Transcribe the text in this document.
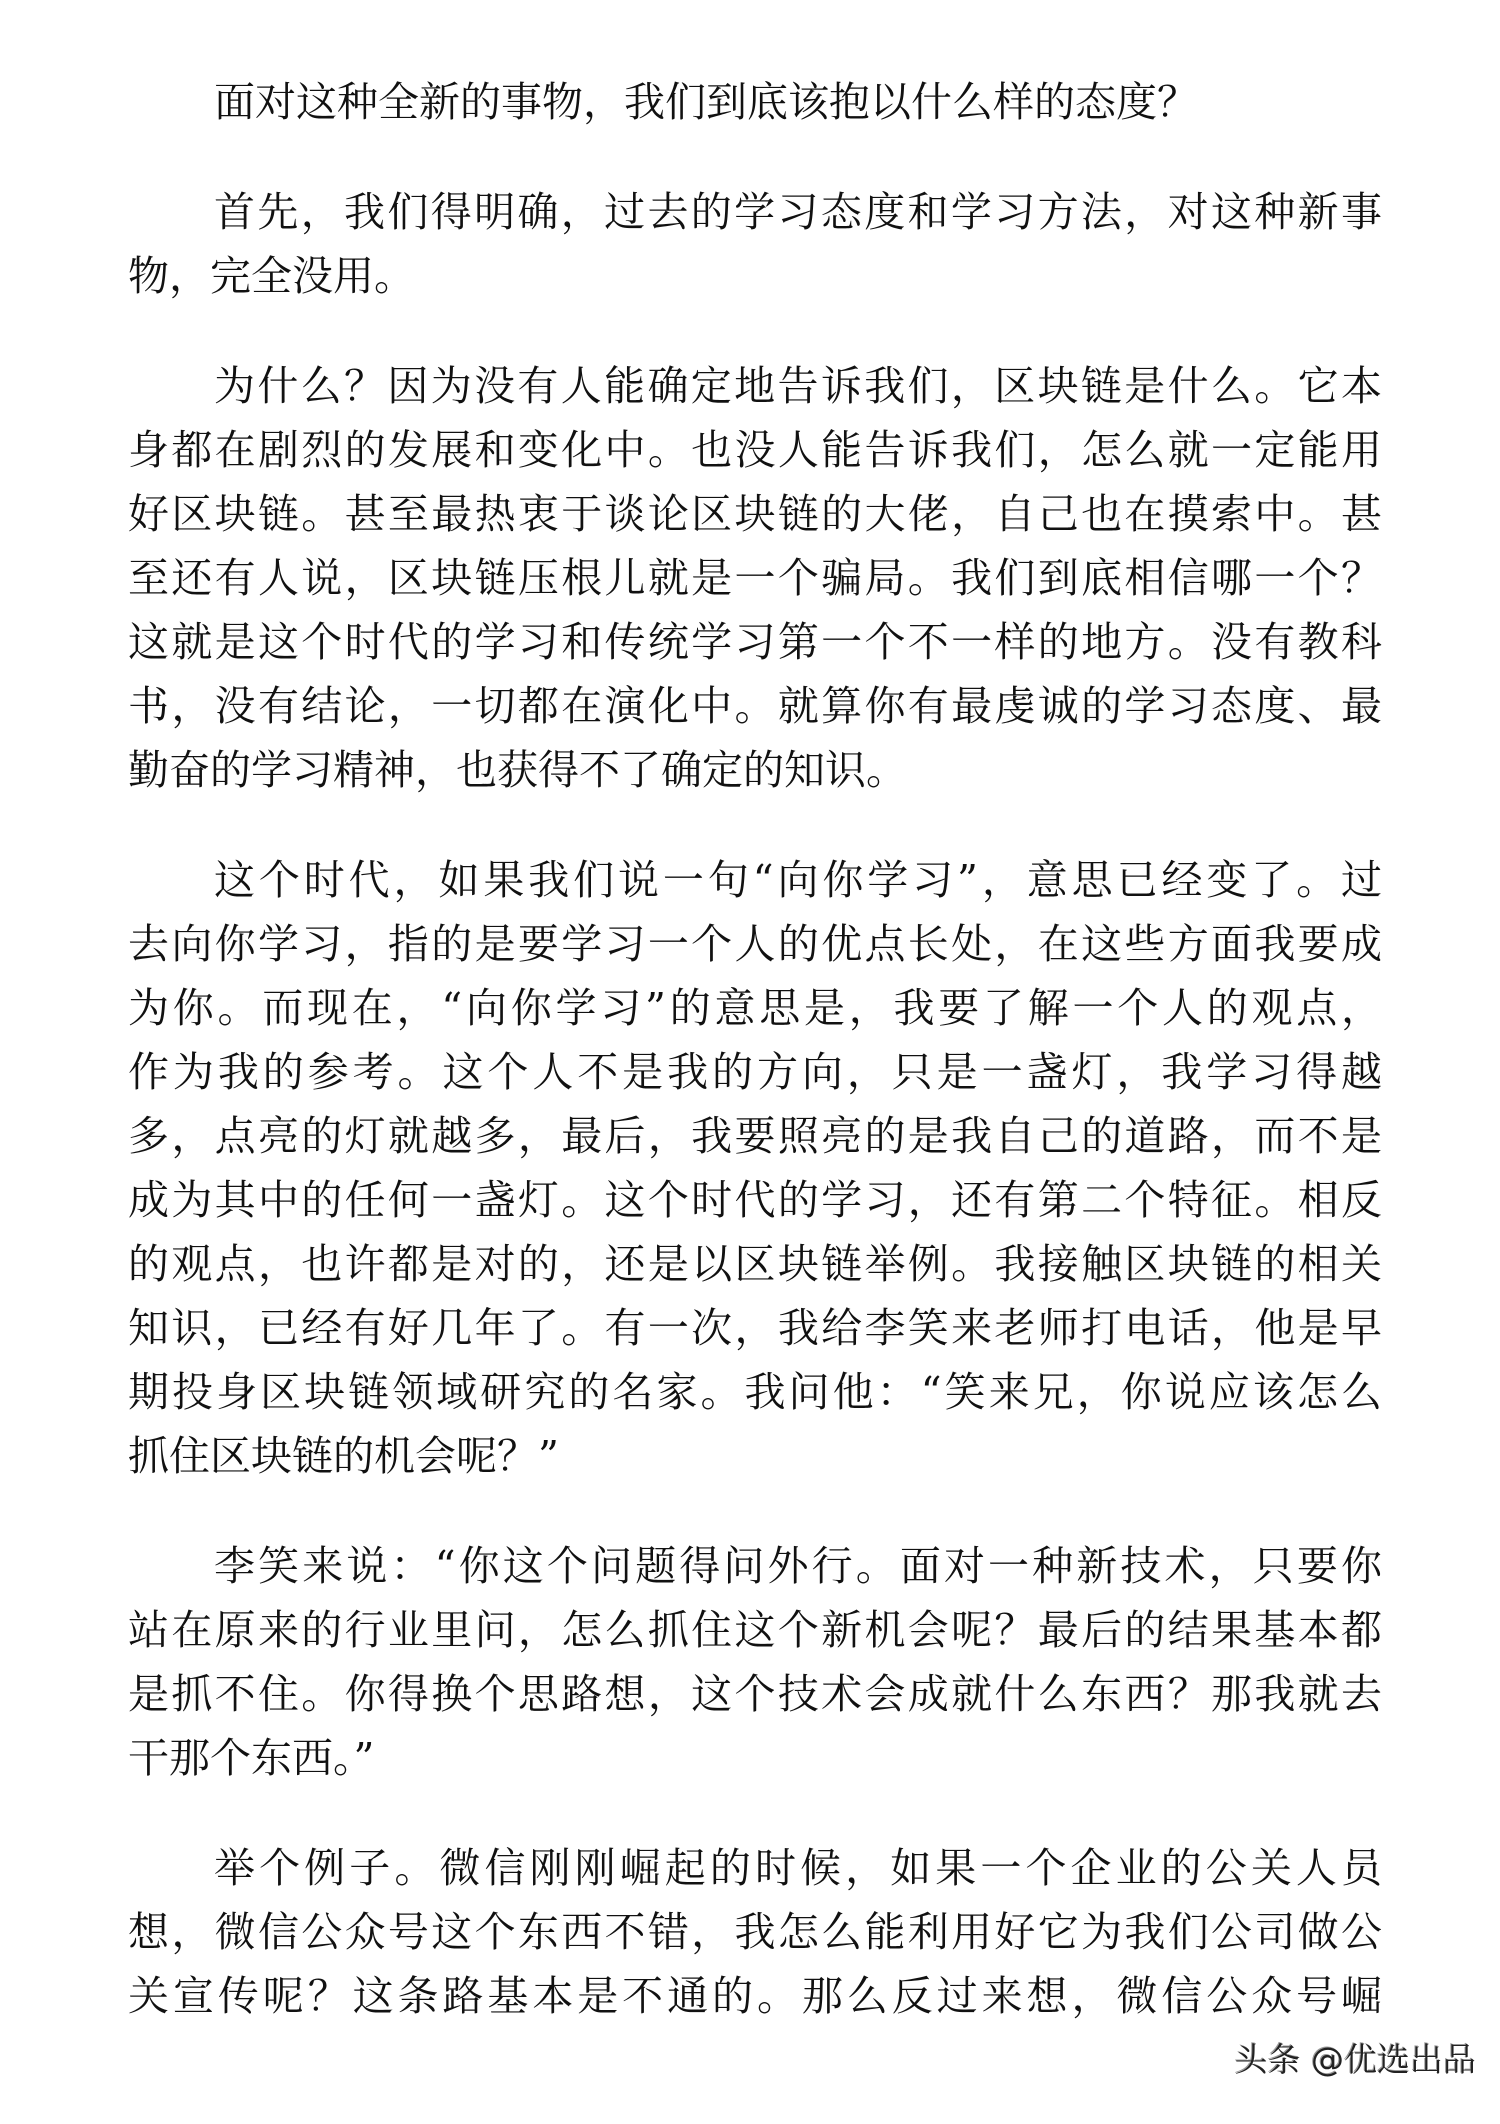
面对这种全新的事物，我们到底该抱以什么样的态度？
首先，我们得明确，过去的学习态度和学习方法，对这种新事
物，完全没用。
为什么？因为没有人能确定地告诉我们，区块链是什么。它本
身都在剧烈的发展和变化中。也没人能告诉我们，怎么就一定能用
好区块链。甚至最热衷于谈论区块链的大佬，自己也在摸索中。甚
至还有人说，区块链压根儿就是一个骗局。我们到底相信哪一个？
这就是这个时代的学习和传统学习第一个不一样的地方。没有教科
书，没有结论，一切都在演化中。就算你有最虔诚的学习态度、最
勤奋的学习精神，也获得不了确定的知识。
这个时代，如果我们说一句“向你学习”，意思已经变了。过
去向你学习，指的是要学习一个人的优点长处，在这些方面我要成
为你。而现在，“向你学习”的意思是，我要了解一个人的观点，
作为我的参考。这个人不是我的方向，只是一盏灯，我学习得越
多，点亮的灯就越多，最后，我要照亮的是我自己的道路，而不是
成为其中的任何一盏灯。这个时代的学习，还有第二个特征。相反
的观点，也许都是对的，还是以区块链举例。我接触区块链的相关
知识，已经有好几年了。有一次，我给李笑来老师打电话，他是早
期投身区块链领域研究的名家。我问他：“笑来兄，你说应该怎么
抓住区块链的机会呢？”
李笑来说：“你这个问题得问外行。面对一种新技术，只要你
站在原来的行业里问，怎么抓住这个新机会呢？最后的结果基本都
是抓不住。你得换个思路想，这个技术会成就什么东西？那我就去
干那个东西。”
举个例子。微信刚刚崛起的时候，如果一个企业的公关人员
想，微信公众号这个东西不错，我怎么能利用好它为我们公司做公
关宣传呢？这条路基本是不通的。那么反过来想，微信公众号崛
头条 @优选出品
